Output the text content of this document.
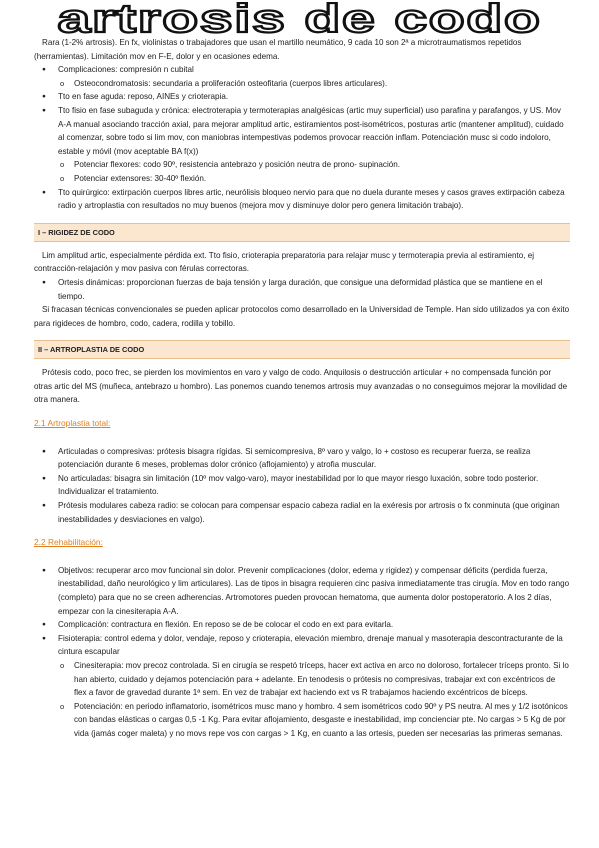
artrosis de codo

Rara (1-2% artrosis). En fx, violinistas o trabajadores que usan el martillo neumático, 9 cada 10 son 2ª a microtraumatismos repetidos (herramientas). Limitación mov en F-E, dolor y en ocasiones edema.

● Complicaciones: compresión n cubital
o Osteocondromatosis: secundaria a proliferación osteofitaria (cuerpos libres articulares).
● Tto en fase aguda: reposo, AINEs y crioterapia.
● Tto fisio en fase subaguda y crónica: electroterapia y termoterapias analgésicas (artic muy superficial) uso parafina y parafangos, y US. Mov A-A manual asociando tracción axial, para mejorar amplitud artic, estiramientos post-isométricos, posturas artic (mantener amplitud), cuidado al comenzar, sobre todo si lim mov, con maniobras intempestivas podemos provocar reacción inflam. Potenciación musc si codo indoloro, estable y móvil (mov aceptable BA f(x))
o Potenciar flexores: codo 90º, resistencia antebrazo y posición neutra de prono- supinación.
o Potenciar extensores: 30-40º flexión.
● Tto quirúrgico: extirpación cuerpos libres artic, neurólisis bloqueo nervio para que no duela durante meses y casos graves extirpación cabeza radio y artroplastia con resultados no muy buenos (mejora mov y disminuye dolor pero genera limitación trabajo).
I – RIGIDEZ DE CODO

Lim amplitud artic, especialmente pérdida ext. Tto fisio, crioterapia preparatoria para relajar musc y termoterapia previa al estiramiento, ej contracción-relajación y mov pasiva con férulas correctoras.

● Ortesis dinámicas: proporcionan fuerzas de baja tensión y larga duración, que consigue una deformidad plástica que se mantiene en el tiempo.

Si fracasan técnicas convencionales se pueden aplicar protocolos como desarrollado en la Universidad de Temple. Han sido utilizados ya con éxito para rigideces de hombro, codo, cadera, rodilla y tobillo.

II – ARTROPLASTIA DE CODO

Prótesis codo, poco frec, se pierden los movimientos en varo y valgo de codo. Anquilosis o destrucción articular + no compensada función por otras artic del MS (muñeca, antebrazo u hombro). Las ponemos cuando tenemos artrosis muy avanzadas o no conseguimos mejorar la movilidad de otra manera.

2.1 Artroplastia total:

● Articuladas o compresivas: prótesis bisagra rígidas. Si semicompresiva, 8º varo y valgo, lo + costoso es recuperar fuerza, se realiza potenciación durante 6 meses, problemas dolor crónico (aflojamiento) y atrofia muscular.
● No articuladas: bisagra sin limitación (10º mov valgo-varo), mayor inestabilidad por lo que mayor riesgo luxación, sobre todo posterior. Individualizar el tratamiento.
● Prótesis modulares cabeza radio: se colocan para compensar espacio cabeza radial en la exéresis por artrosis o fx conminuta (que originan inestabilidades y desviaciones en valgo).

2.2 Rehabilitación:

● Objetivos: recuperar arco mov funcional sin dolor. Prevenir complicaciones (dolor, edema y rigidez) y compensar déficits (perdida fuerza, inestabilidad, daño neurológico y lim articulares). Las de tipos in bisagra requieren cinc pasiva inmediatamente tras cirugía. Mov en todo rango (completo) para que no se creen adherencias. Artromotores pueden provocan hematoma, que aumenta dolor postoperatorio. A los 2 días, empezar con la cinesiterapia A-A.
● Complicación: contractura en flexión. En reposo se de be colocar el codo en ext para evitarla.
● Fisioterapia: control edema y dolor, vendaje, reposo y crioterapia, elevación miembro, drenaje manual y masoterapia descontracturante de la cintura escapular
o Cinesiterapia: mov precoz controlada. Si en cirugía se respetó tríceps, hacer ext activa en arco no doloroso, fortalecer tríceps pronto. Si lo han abierto, cuidado y dejamos potenciación para + adelante. En tenodesis o prótesis no compresivas, trabajar ext con excéntricos de flex a favor de gravedad durante 1ª sem. En vez de trabajar ext haciendo ext vs R trabajamos haciendo excéntricos de bíceps.
o Potenciación: en periodo inflamatorio, isométricos musc mano y hombro. 4 sem isométricos codo 90º y PS neutra. Al mes y 1/2 isotónicos con bandas elásticas o cargas 0,5 -1 Kg. Para evitar aflojamiento, desgaste e inestabilidad, imp concienciar pte. No cargas > 5 Kg de por vida (jamás coger maleta) y no movs repe vos con cargas > 1 Kg, en cuanto a las ortesis, pueden ser necesarias las primeras semanas.
